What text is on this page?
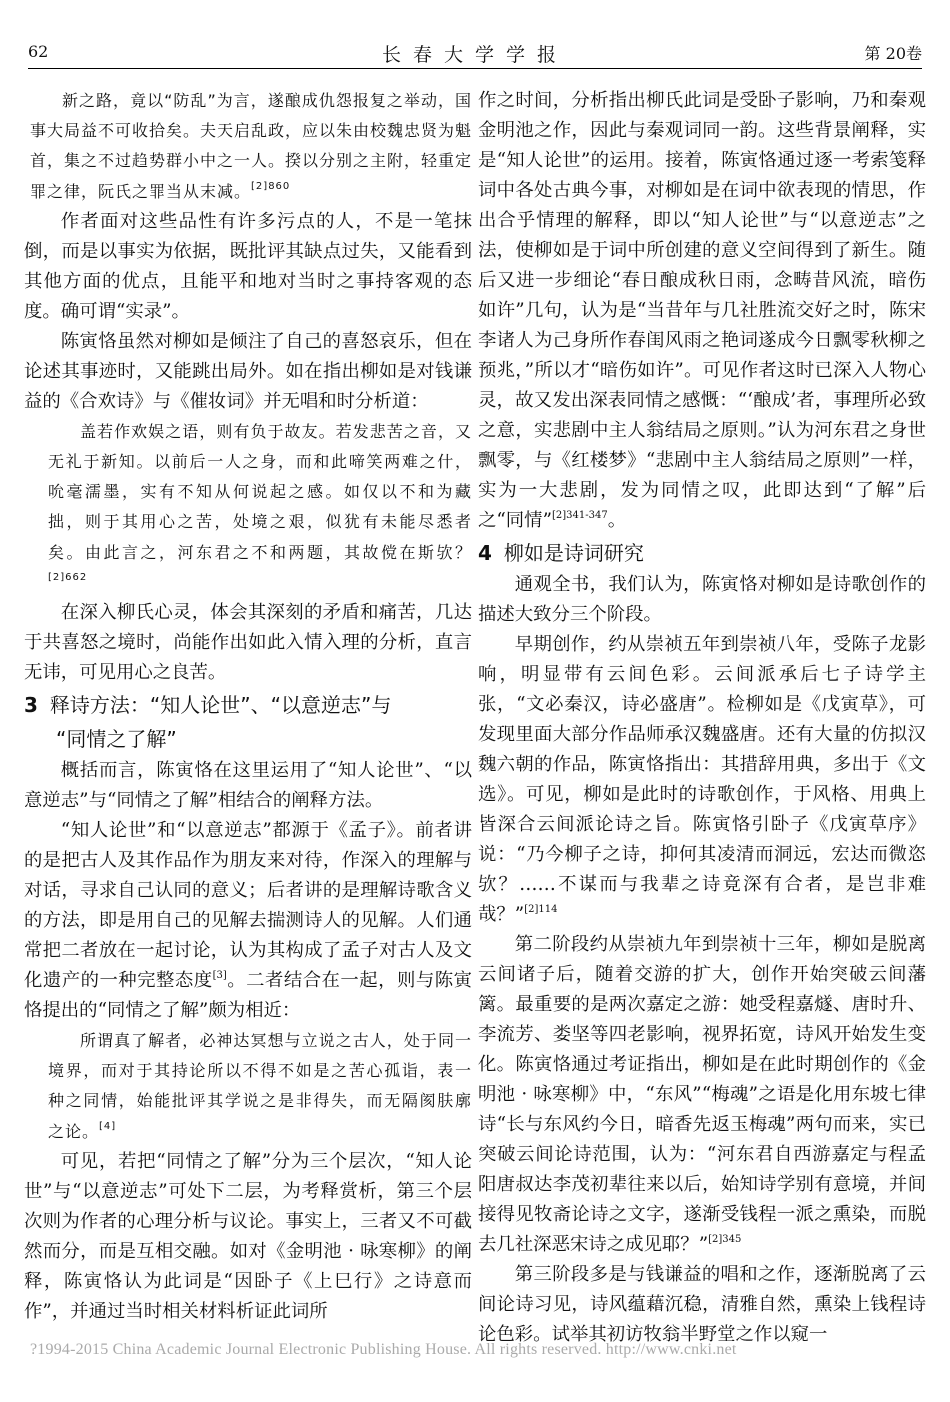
62	长春大学学报	第 20卷

新之路，竟以“防乱”为言，遂酿成仇怨报复之举动，国事大局益不可收拾矣。夫天启乱政，应以朱由校魏忠贤为魁首，集之不过趋势群小中之一人。揆以分别之主附，轻重定罪之律，阮氏之罪当从末减。$^{[2]860}$

作者面对这些品性有许多污点的人，不是一笔抹倒，而是以事实为依据，既批评其缺点过失，又能看到其他方面的优点，且能平和地对当时之事持客观的态度。确可谓“实录”。

陈寅恪虽然对柳如是倾注了自己的喜怒哀乐，但在论述其事迹时，又能跳出局外。如在指出柳如是对钱谦益的《合欢诗》与《催妆词》并无唱和时分析道：

盖若作欢娱之语，则有负于故友。若发悲苦之音，又无礼于新知。以前后一人之身，而和此啼笑两难之什，吮毫濡墨，实有不知从何说起之感。如仅以不和为藏拙，则于其用心之苦，处境之艰，似犹有未能尽悉者矣。由此言之，河东君之不和两题，其故傥在斯欤？$^{[2]662}$

在深入柳氏心灵，体会其深刻的矛盾和痛苦，几达于共喜怒之境时，尚能作出如此入情入理的分析，直言无讳，可见用心之良苦。

3 释诗方法：“知人论世”、“以意逆志”与
“同情之了解”

概括而言，陈寅恪在这里运用了“知人论世”、“以意逆志”与“同情之了解”相结合的阐释方法。

“知人论世”和“以意逆志”都源于《孟子》。前者讲的是把古人及其作品作为朋友来对待，作深入的理解与对话，寻求自己认同的意义；后者讲的是理解诗歌含义的方法，即是用自己的见解去揣测诗人的见解。人们通常把二者放在一起讨论，认为其构成了孟子对古人及文化遗产的一种完整态度[3]。二者结合在一起，则与陈寅恪提出的“同情之了解”颇为相近：

所谓真了解者，必神达冥想与立说之古人，处于同一境界，而对于其持论所以不得不如是之苦心孤诣，表一种之同情，始能批评其学说之是非得失，而无隔阂肤廓之论。[4]

可见，若把“同情之了解”分为三个层次，“知人论世”与“以意逆志”可处下二层，为考释赏析，第三个层次则为作者的心理分析与议论。事实上，三者又不可截然而分，而是互相交融。如对《金明池 · 咏寒柳》的阐释，陈寅恪认为此词是“因卧子《上巳行》之诗意而作”，并通过当时相关材料析证此词所

作之时间，分析指出柳氏此词是受卧子影响，乃和秦观金明池之作，因此与秦观词同一韵。这些背景阐释，实是“知人论世”的运用。接着，陈寅恪通过逐一考索笺释词中各处古典今事，对柳如是在词中欲表现的情思，作出合乎情理的解释，即以“知人论世”与“以意逆志”之法，使柳如是于词中所创建的意义空间得到了新生。随后又进一步细论“春日酿成秋日雨，念畴昔风流，暗伤如许”几句，认为是“当昔年与几社胜流交好之时，陈宋李诸人为己身所作春闺风雨之艳词遂成今日飘零秋柳之预兆，”所以才“暗伤如许”。可见作者这时已深入人物心灵，故又发出深表同情之感慨：“‘酿成’者，事理所必致之意，实悲剧中主人翁结局之原则。”认为河东君之身世飘零，与《红楼梦》“悲剧中主人翁结局之原则”一样，实为一大悲剧，发为同情之叹，此即达到“了解”后之“同情”$^{[2]341-347}$。

4 柳如是诗词研究

通观全书，我们认为，陈寅恪对柳如是诗歌创作的描述大致分三个阶段。

早期创作，约从崇祯五年到崇祯八年，受陈子龙影响，明显带有云间色彩。云间派承后七子诗学主张，“文必秦汉，诗必盛唐”。检柳如是《戊寅草》，可发现里面大部分作品师承汉魏盛唐。还有大量的仿拟汉魏六朝的作品，陈寅恪指出：其措辞用典，多出于《文选》。可见，柳如是此时的诗歌创作，于风格、用典上皆深合云间派论诗之旨。陈寅恪引卧子《戊寅草序》说：“乃今柳子之诗，抑何其凌清而洞远，宏达而微恣欤？……不谋而与我辈之诗竟深有合者，是岂非难哉？”$^{[2]114}$

第二阶段约从崇祯九年到崇祯十三年，柳如是脱离云间诸子后，随着交游的扩大，创作开始突破云间藩篱。最重要的是两次嘉定之游：她受程嘉燧、唐时升、李流芳、娄坚等四老影响，视界拓宽，诗风开始发生变化。陈寅恪通过考证指出，柳如是在此时期创作的《金明池 · 咏寒柳》中，“东风”“梅魂”之语是化用东坡七律诗“长与东风约今日，暗香先返玉梅魂”两句而来，实已突破云间论诗范围，认为：“河东君自西游嘉定与程孟阳唐叔达李茂初辈往来以后，始知诗学别有意境，并间接得见牧斋论诗之文字，遂渐受钱程一派之熏染，而脱去几社深恶宋诗之成见耶？”$^{[2]345}$

第三阶段多是与钱谦益的唱和之作，逐渐脱离了云间论诗习见，诗风蕴藉沉稳，清雅自然，熏染上钱程诗论色彩。试举其初访牧翁半野堂之作以窥一

?1994-2015 China Academic Journal Electronic Publishing House. All rights reserved. http://www.cnki.net
